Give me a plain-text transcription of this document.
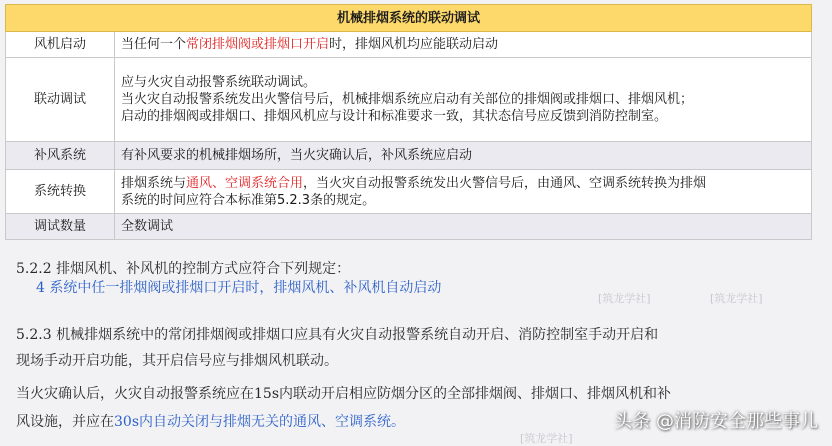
机械排烟系统的联动调试	
风机启动	当任何一个常闭排烟阀或排烟口开启时，排烟风机均应能联动启动
联动调试	应与火灾自动报警系统联动调试。
当火灾自动报警系统发出火警信号后，机械排烟系统应启动有关部位的排烟阀或排烟口、排烟风机；
启动的排烟阀或排烟口、排烟风机应与设计和标准要求一致，其状态信号应反馈到消防控制室。

补风系统	有补风要求的机械排烟场所，当火灾确认后，补风系统应启动
系统转换	排烟系统与通风、空调系统合用，当火灾自动报警系统发出火警信号后，由通风、空调系统转换为排烟
系统的时间应符合本标准第5.2.3条的规定。

调试数量	全数调试
5.2.2 排烟风机、补风机的控制方式应符合下列规定：
4 系统中任一排烟阀或排烟口开启时，排烟风机、补风机自动启动
5.2.3 机械排烟系统中的常闭排烟阀或排烟口应具有火灾自动报警系统自动开启、消防控制室手动开启和
现场手动开启功能，其开启信号应与排烟风机联动。
当火灾确认后，火灾自动报警系统应在15s内联动开启相应防烟分区的全部排烟阀、排烟口、排烟风机和补
风设施，并应在30s内自动关闭与排烟无关的通风、空调系统。
[筑龙学社]	[筑龙学社]
[筑龙学社]
头条 @消防安全那些事儿
